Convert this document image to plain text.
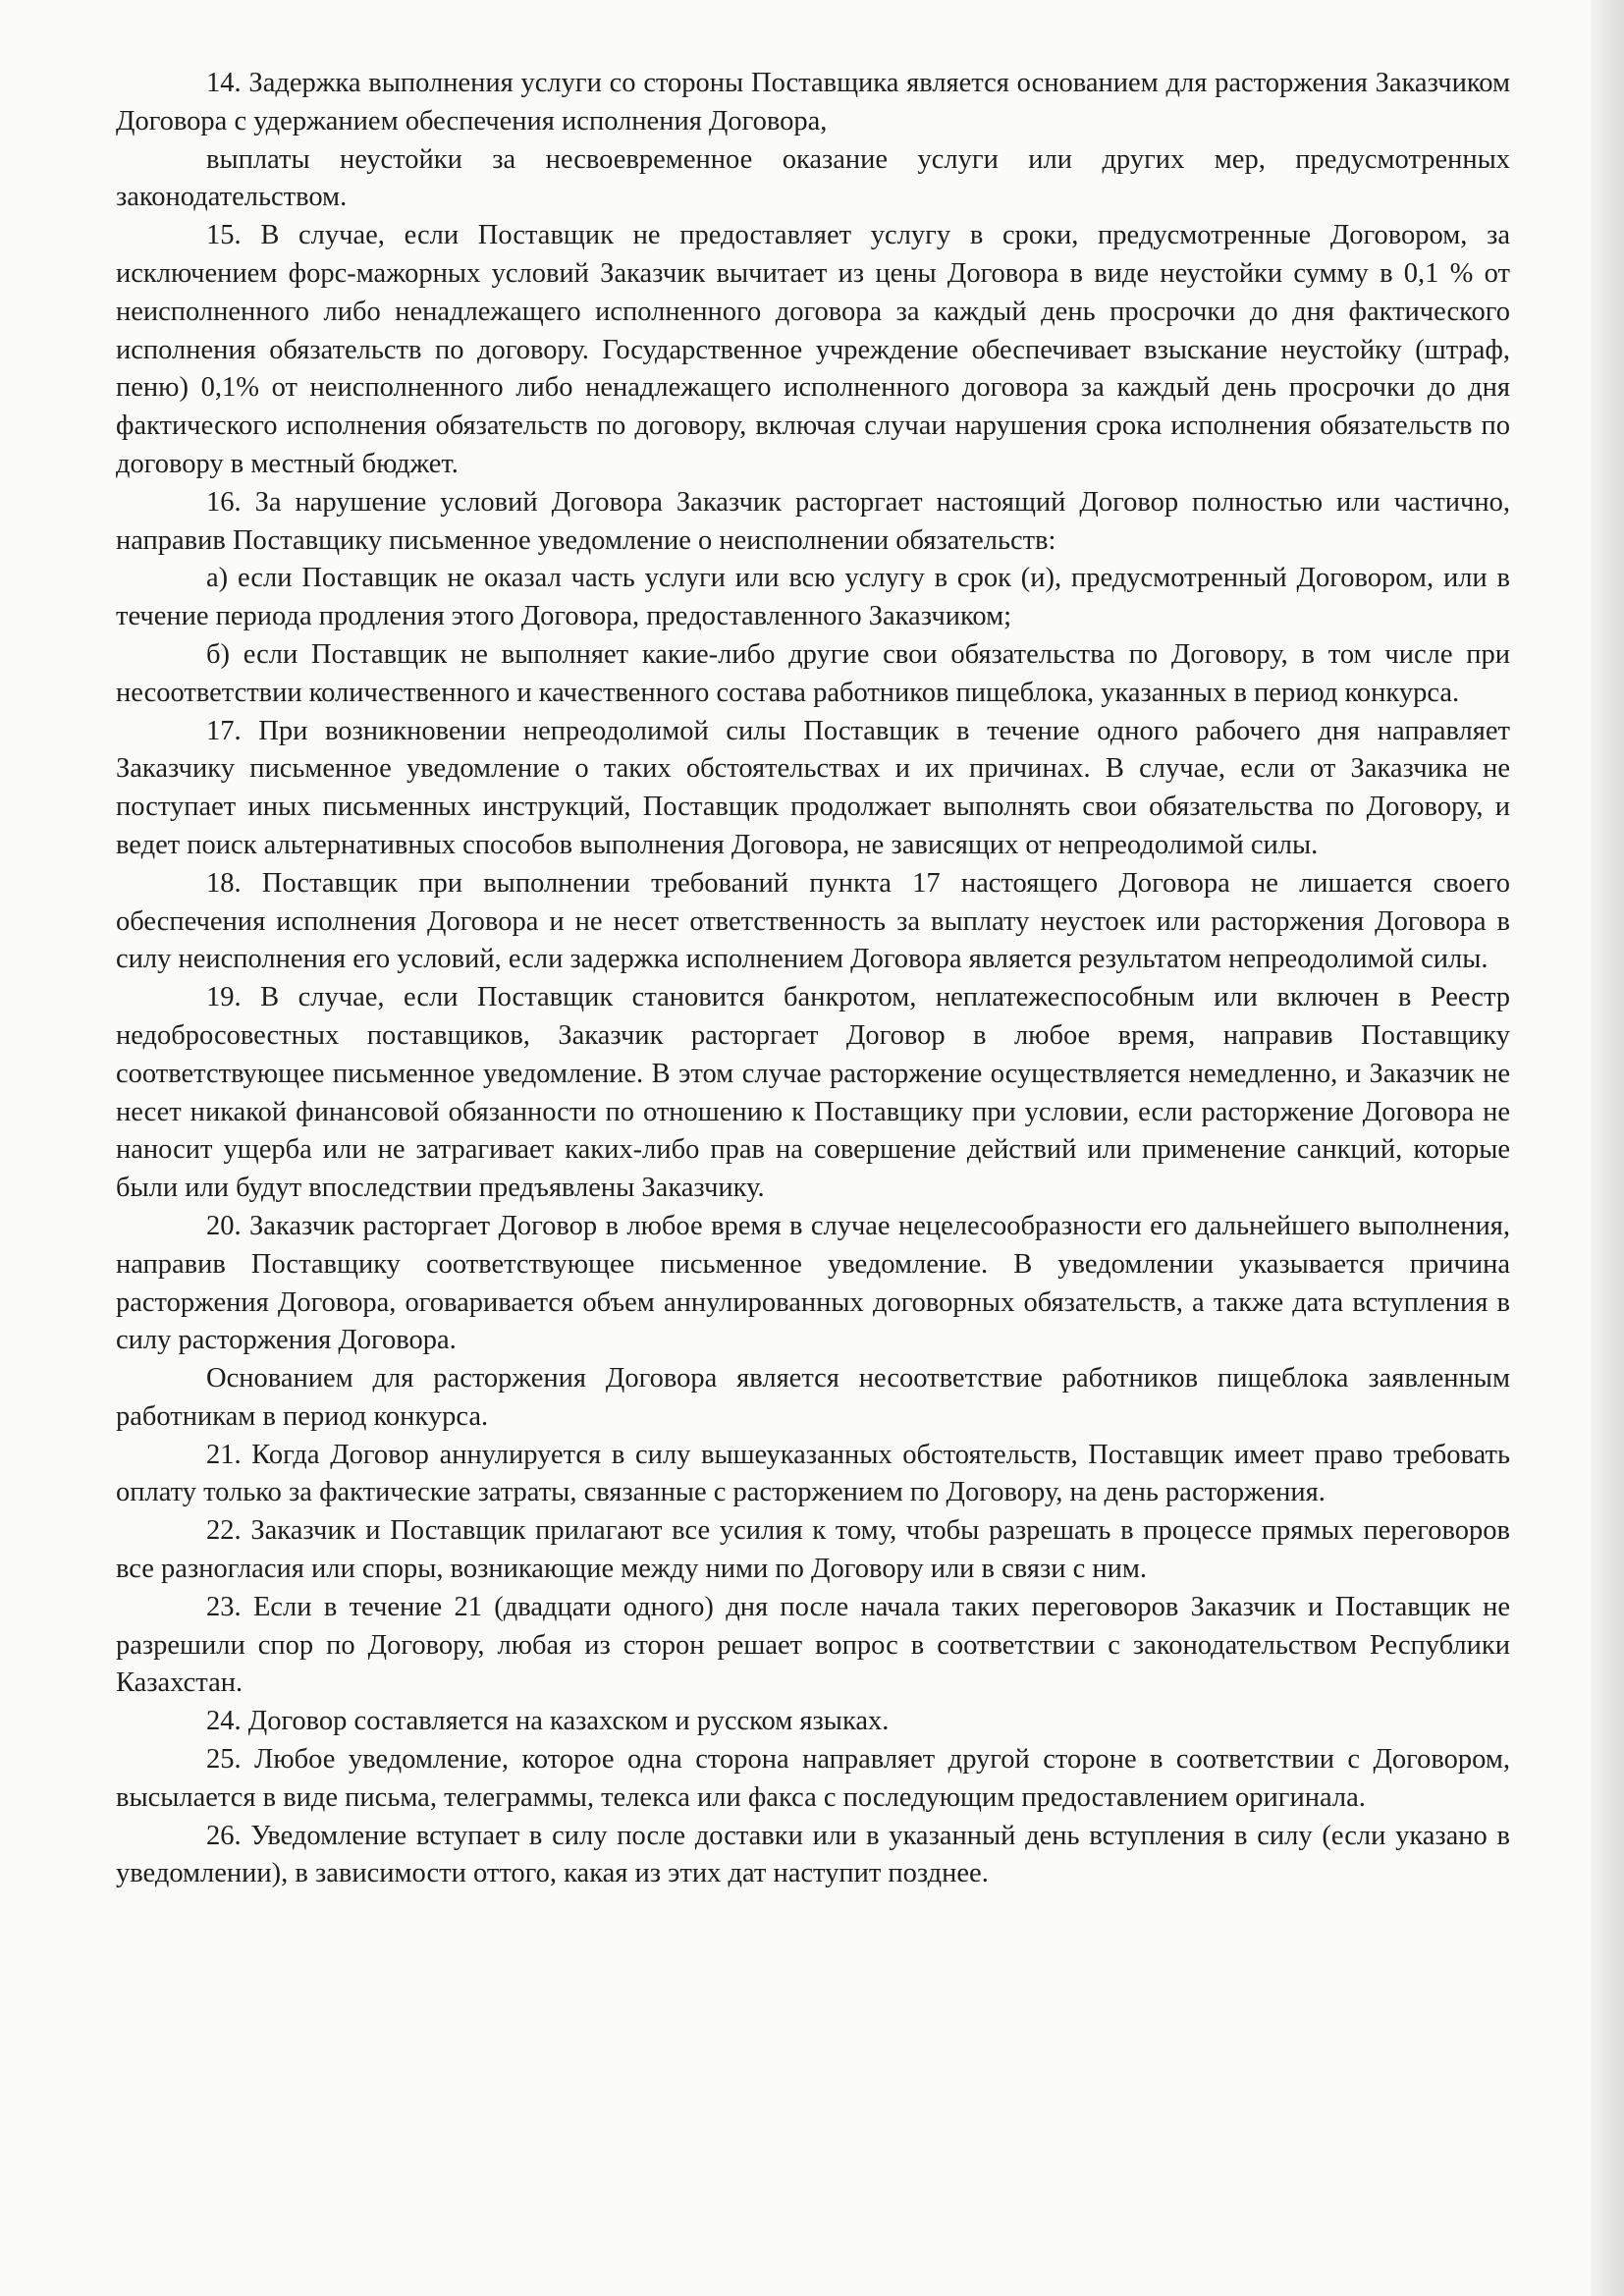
14. Задержка выполнения услуги со стороны Поставщика является основанием для расторжения Заказчиком Договора с удержанием обеспечения исполнения Договора,

выплаты неустойки за несвоевременное оказание услуги или других мер, предусмотренных законодательством.

15. В случае, если Поставщик не предоставляет услугу в сроки, предусмотренные Договором, за исключением форс-мажорных условий Заказчик вычитает из цены Договора в виде неустойки сумму в 0,1 % от неисполненного либо ненадлежащего исполненного договора за каждый день просрочки до дня фактического исполнения обязательств по договору. Государственное учреждение обеспечивает взыскание неустойку (штраф, пеню) 0,1% от неисполненного либо ненадлежащего исполненного договора за каждый день просрочки до дня фактического исполнения обязательств по договору, включая случаи нарушения срока исполнения обязательств по договору в местный бюджет.

16. За нарушение условий Договора Заказчик расторгает настоящий Договор полностью или частично, направив Поставщику письменное уведомление о неисполнении обязательств:

а) если Поставщик не оказал часть услуги или всю услугу в срок (и), предусмотренный Договором, или в течение периода продления этого Договора, предоставленного Заказчиком;

б) если Поставщик не выполняет какие-либо другие свои обязательства по Договору, в том числе при несоответствии количественного и качественного состава работников пищеблока, указанных в период конкурса.

17. При возникновении непреодолимой силы Поставщик в течение одного рабочего дня направляет Заказчику письменное уведомление о таких обстоятельствах и их причинах. В случае, если от Заказчика не поступает иных письменных инструкций, Поставщик продолжает выполнять свои обязательства по Договору, и ведет поиск альтернативных способов выполнения Договора, не зависящих от непреодолимой силы.

18. Поставщик при выполнении требований пункта 17 настоящего Договора не лишается своего обеспечения исполнения Договора и не несет ответственность за выплату неустоек или расторжения Договора в силу неисполнения его условий, если задержка исполнением Договора является результатом непреодолимой силы.

19. В случае, если Поставщик становится банкротом, неплатежеспособным или включен в Реестр недобросовестных поставщиков, Заказчик расторгает Договор в любое время, направив Поставщику соответствующее письменное уведомление. В этом случае расторжение осуществляется немедленно, и Заказчик не несет никакой финансовой обязанности по отношению к Поставщику при условии, если расторжение Договора не наносит ущерба или не затрагивает каких-либо прав на совершение действий или применение санкций, которые были или будут впоследствии предъявлены Заказчику.

20. Заказчик расторгает Договор в любое время в случае нецелесообразности его дальнейшего выполнения, направив Поставщику соответствующее письменное уведомление. В уведомлении указывается причина расторжения Договора, оговаривается объем аннулированных договорных обязательств, а также дата вступления в силу расторжения Договора.

Основанием для расторжения Договора является несоответствие работников пищеблока заявленным работникам в период конкурса.

21. Когда Договор аннулируется в силу вышеуказанных обстоятельств, Поставщик имеет право требовать оплату только за фактические затраты, связанные с расторжением по Договору, на день расторжения.

22. Заказчик и Поставщик прилагают все усилия к тому, чтобы разрешать в процессе прямых переговоров все разногласия или споры, возникающие между ними по Договору или в связи с ним.

23. Если в течение 21 (двадцати одного) дня после начала таких переговоров Заказчик и Поставщик не разрешили спор по Договору, любая из сторон решает вопрос в соответствии с законодательством Республики Казахстан.

24. Договор составляется на казахском и русском языках.

25. Любое уведомление, которое одна сторона направляет другой стороне в соответствии с Договором, высылается в виде письма, телеграммы, телекса или факса с последующим предоставлением оригинала.

26. Уведомление вступает в силу после доставки или в указанный день вступления в силу (если указано в уведомлении), в зависимости оттого, какая из этих дат наступит позднее.
